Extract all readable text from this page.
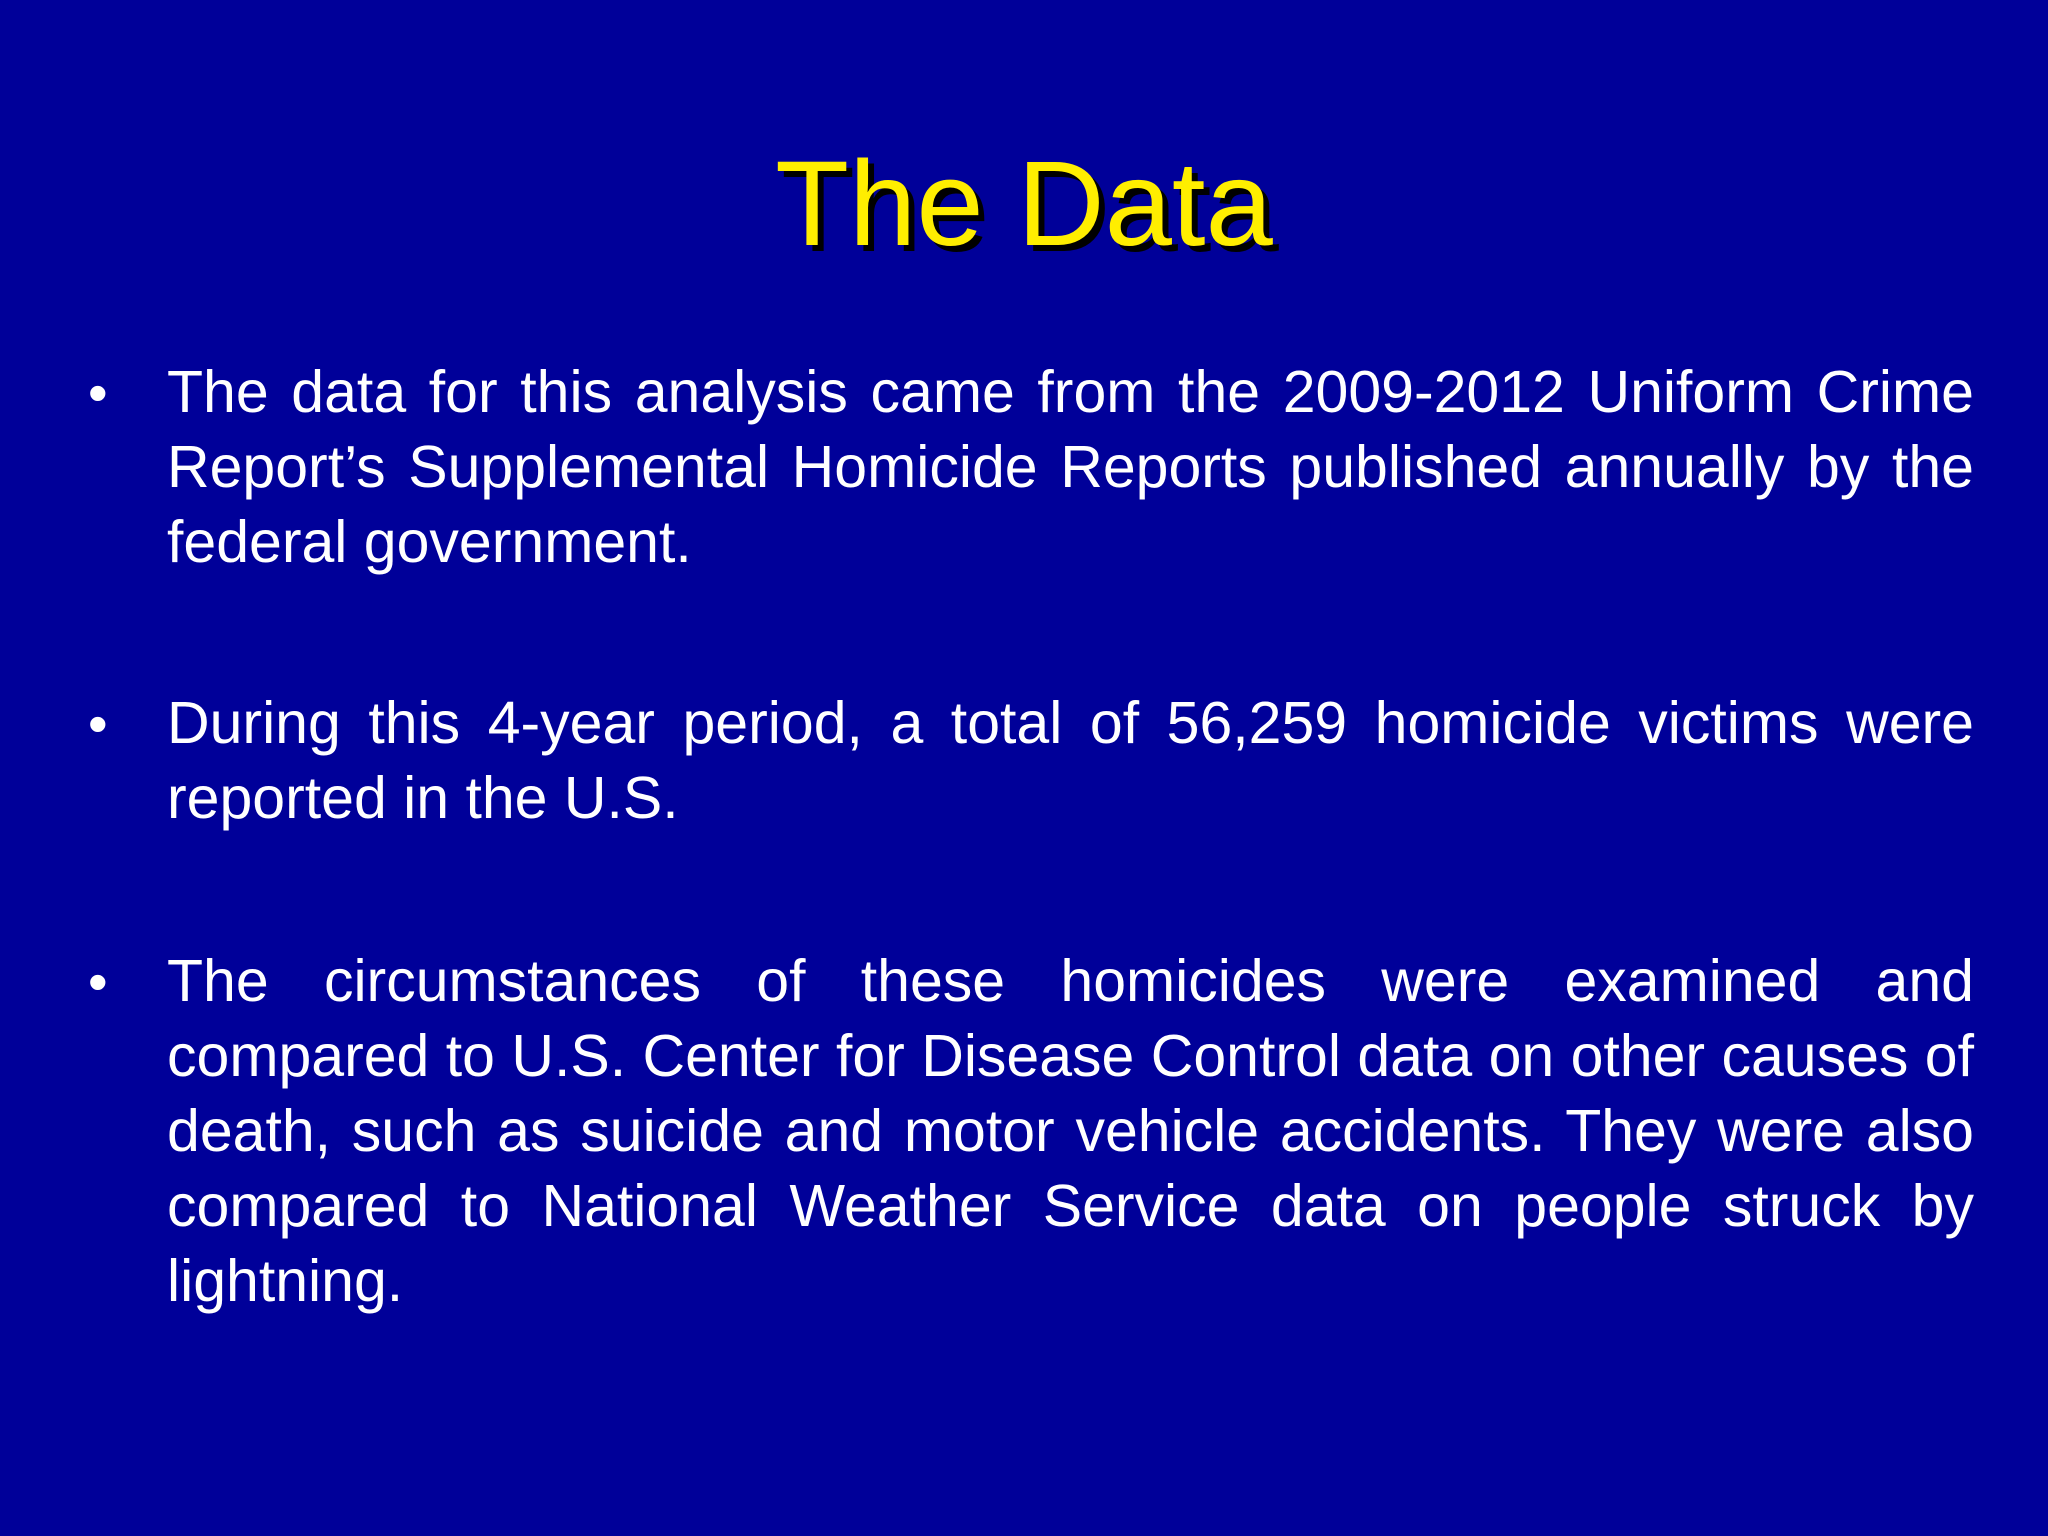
The Data
• The data for this analysis came from the 2009-2012 Uniform Crime Report’s Supplemental Homicide Reports published annually by the federal government.

• During this 4-year period, a total of 56,259 homicide victims were reported in the U.S.

• The circumstances of these homicides were examined and compared to U.S. Center for Disease Control data on other causes of death, such as suicide and motor vehicle accidents. They were also compared to National Weather Service data on people struck by lightning.
